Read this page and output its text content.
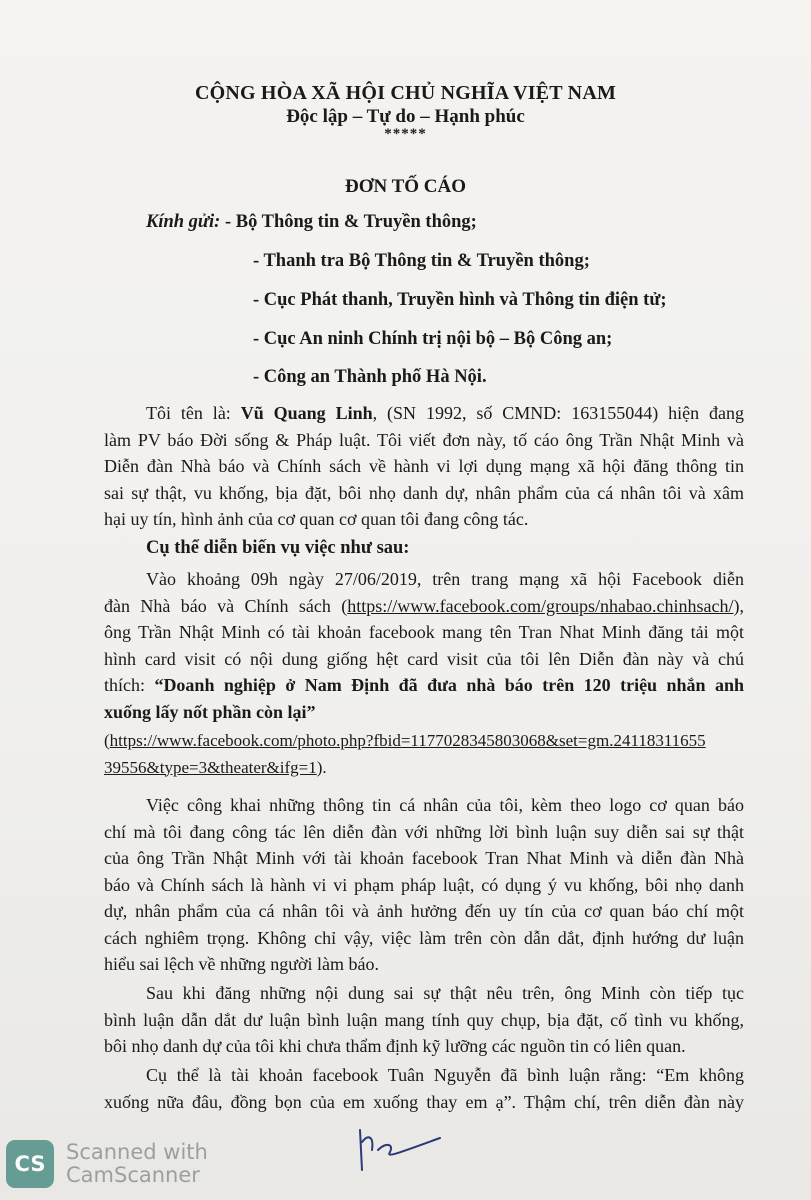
CỘNG HÒA XÃ HỘI CHỦ NGHĨA VIỆT NAM
Độc lập – Tự do – Hạnh phúc
*****
ĐƠN TỐ CÁO
Kính gửi: - Bộ Thông tin & Truyền thông;
- Thanh tra Bộ Thông tin & Truyền thông;
- Cục Phát thanh, Truyền hình và Thông tin điện tử;
- Cục An ninh Chính trị nội bộ – Bộ Công an;
- Công an Thành phố Hà Nội.
Tôi tên là: Vũ Quang Linh, (SN 1992, số CMND: 163155044) hiện đang
làm PV báo Đời sống & Pháp luật. Tôi viết đơn này, tố cáo ông Trần Nhật Minh và
Diễn đàn Nhà báo và Chính sách về hành vi lợi dụng mạng xã hội đăng thông tin
sai sự thật, vu khống, bịa đặt, bôi nhọ danh dự, nhân phẩm của cá nhân tôi và xâm
hại uy tín, hình ảnh của cơ quan cơ quan tôi đang công tác.
Cụ thể diễn biến vụ việc như sau:
Vào khoảng 09h ngày 27/06/2019, trên trang mạng xã hội Facebook diễn
đàn Nhà báo và Chính sách (https://www.facebook.com/groups/nhabao.chinhsach/),
ông Trần Nhật Minh có tài khoản facebook mang tên Tran Nhat Minh đăng tải một
hình card visit có nội dung giống hệt card visit của tôi lên Diễn đàn này và chú
thích: “Doanh nghiệp ở Nam Định đã đưa nhà báo trên 120 triệu nhắn anh
xuống lấy nốt phần còn lại”
(https://www.facebook.com/photo.php?fbid=1177028345803068&set=gm.24118311655
39556&type=3&theater&ifg=1).
Việc công khai những thông tin cá nhân của tôi, kèm theo logo cơ quan báo
chí mà tôi đang công tác lên diễn đàn với những lời bình luận suy diễn sai sự thật
của ông Trần Nhật Minh với tài khoản facebook Tran Nhat Minh và diễn đàn Nhà
báo và Chính sách là hành vi vi phạm pháp luật, có dụng ý vu khống, bôi nhọ danh
dự, nhân phẩm của cá nhân tôi và ảnh hưởng đến uy tín của cơ quan báo chí một
cách nghiêm trọng. Không chỉ vậy, việc làm trên còn dẫn dắt, định hướng dư luận
hiểu sai lệch về những người làm báo.
Sau khi đăng những nội dung sai sự thật nêu trên, ông Minh còn tiếp tục
bình luận dẫn dắt dư luận bình luận mang tính quy chụp, bịa đặt, cố tình vu khống,
bôi nhọ danh dự của tôi khi chưa thẩm định kỹ lưỡng các nguồn tin có liên quan.
Cụ thể là tài khoản facebook Tuân Nguyễn đã bình luận rằng: “Em không
xuống nữa đâu, đồng bọn của em xuống thay em ạ”. Thậm chí, trên diễn đàn này
CS Scanned with
CamScanner
